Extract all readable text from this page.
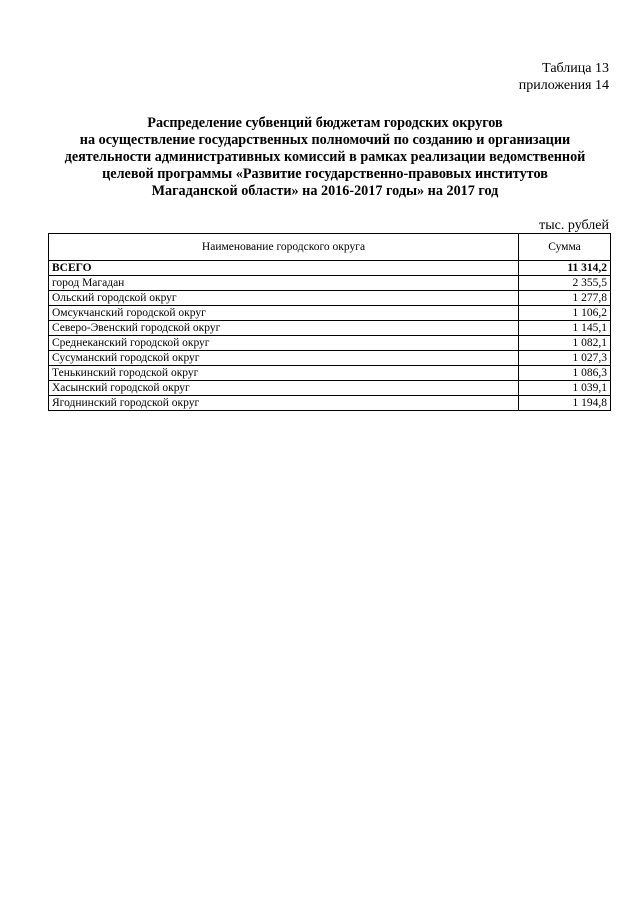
Таблица 13
приложения 14
Распределение субвенций бюджетам городских округов
на осуществление государственных полномочий по созданию и организации
деятельности административных комиссий в рамках реализации ведомственной
целевой программы «Развитие государственно-правовых институтов
Магаданской области» на 2016-2017 годы» на 2017 год
тыс. рублей
Наименование городского округа	Сумма
ВСЕГО	11 314,2
город Магадан	2 355,5
Ольский городской округ	1 277,8
Омсукчанский городской округ	1 106,2
Северо-Эвенский городской округ	1 145,1
Среднеканский городской округ	1 082,1
Сусуманский городской округ	1 027,3
Тенькинский городской округ	1 086,3
Хасынский городской округ	1 039,1
Ягоднинский городской округ	1 194,8
